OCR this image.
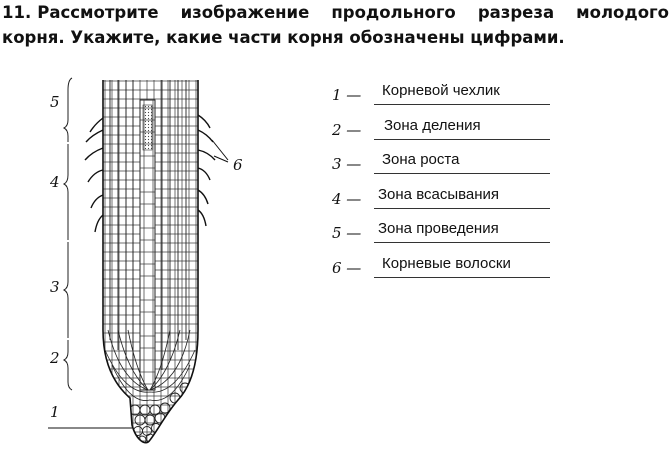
11. Рассмотрите изображение продольного разреза молодого корня. Укажите, какие части корня обозначены цифрами.

6
5
4
3
2
1
1 —	Корневой чехлик
2 —	Зона деления
3 —	Зона роста
4 —	Зона всасывания
5 —	Зона проведения
6 —	Корневые волоски
